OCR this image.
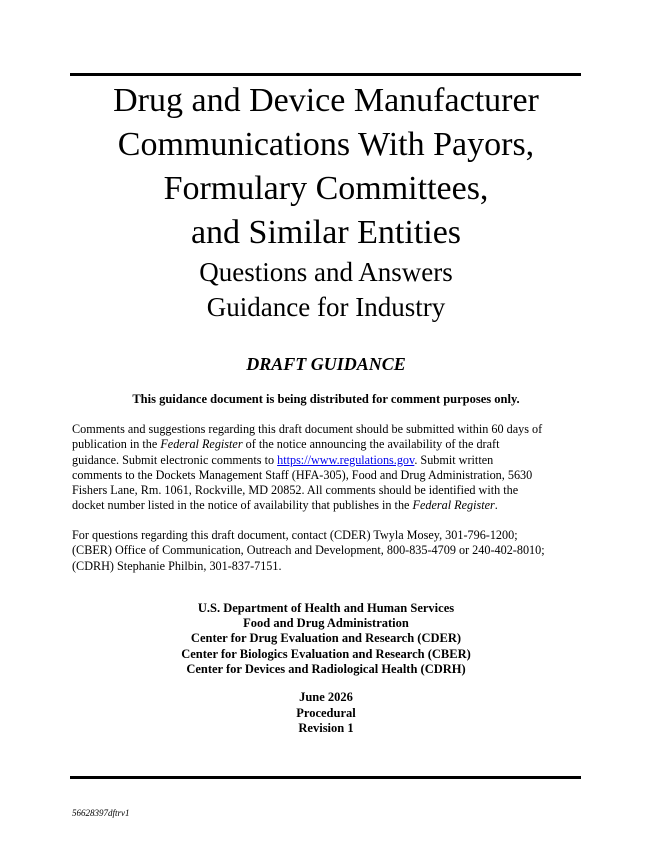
Drug and Device Manufacturer
Communications With Payors,
Formulary Committees,
and Similar Entities
Questions and Answers
Guidance for Industry
DRAFT GUIDANCE
This guidance document is being distributed for comment purposes only.
Comments and suggestions regarding this draft document should be submitted within 60 days of
publication in the Federal Register of the notice announcing the availability of the draft
guidance. Submit electronic comments to https://www.regulations.gov. Submit written
comments to the Dockets Management Staff (HFA-305), Food and Drug Administration, 5630
Fishers Lane, Rm. 1061, Rockville, MD 20852. All comments should be identified with the
docket number listed in the notice of availability that publishes in the Federal Register.
For questions regarding this draft document, contact (CDER) Twyla Mosey, 301-796-1200;
(CBER) Office of Communication, Outreach and Development, 800-835-4709 or 240-402-8010;
(CDRH) Stephanie Philbin, 301-837-7151.
U.S. Department of Health and Human Services
Food and Drug Administration
Center for Drug Evaluation and Research (CDER)
Center for Biologics Evaluation and Research (CBER)
Center for Devices and Radiological Health (CDRH)
June 2026
Procedural
Revision 1
56628397dftrv1
